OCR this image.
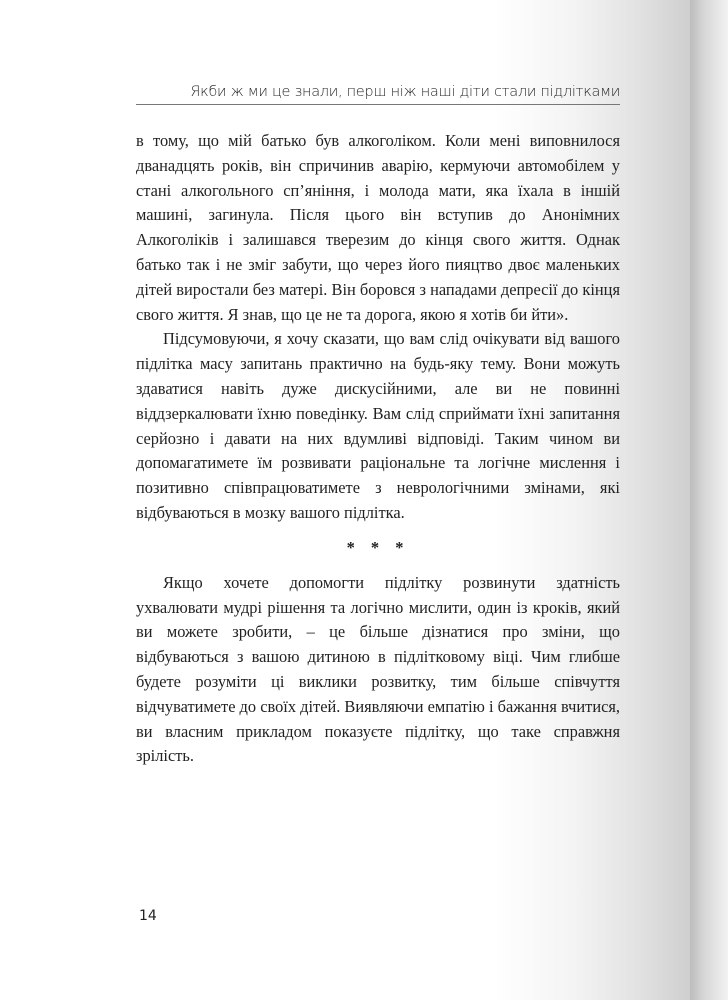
Якби ж ми це знали, перш ніж наші діти стали підлітками

в тому, що мій батько був алкоголіком. Коли мені виповнилося дванадцять років, він спричинив аварію, кермуючи автомобілем у стані алкогольного сп’яніння, і молода мати, яка їхала в іншій машині, загинула. Після цього він вступив до Анонімних Алкоголіків і залишався тверезим до кінця свого життя. Однак батько так і не зміг забути, що через його пияцтво двоє маленьких дітей виростали без матері. Він боровся з нападами депресії до кінця свого життя. Я знав, що це не та дорога, якою я хотів би йти».

Підсумовуючи, я хочу сказати, що вам слід очікувати від вашого підлітка масу запитань практично на будь-яку тему. Вони можуть здаватися навіть дуже дискусійними, але ви не повинні віддзеркалювати їхню поведінку. Вам слід сприймати їхні запитання серйозно і давати на них вдумливі відповіді. Таким чином ви допомагатимете їм розвивати раціональне та логічне мислення і позитивно співпрацюватимете з неврологічними змінами, які відбуваються в мозку вашого підлітка.

* * *

Якщо хочете допомогти підлітку розвинути здатність ухвалювати мудрі рішення та логічно мислити, один із кроків, який ви можете зробити, – це більше дізнатися про зміни, що відбуваються з вашою дитиною в підлітковому віці. Чим глибше будете розуміти ці виклики розвитку, тим більше співчуття відчуватимете до своїх дітей. Виявляючи емпатію і бажання вчитися, ви власним прикладом показуєте підлітку, що таке справжня зрілість.

14
